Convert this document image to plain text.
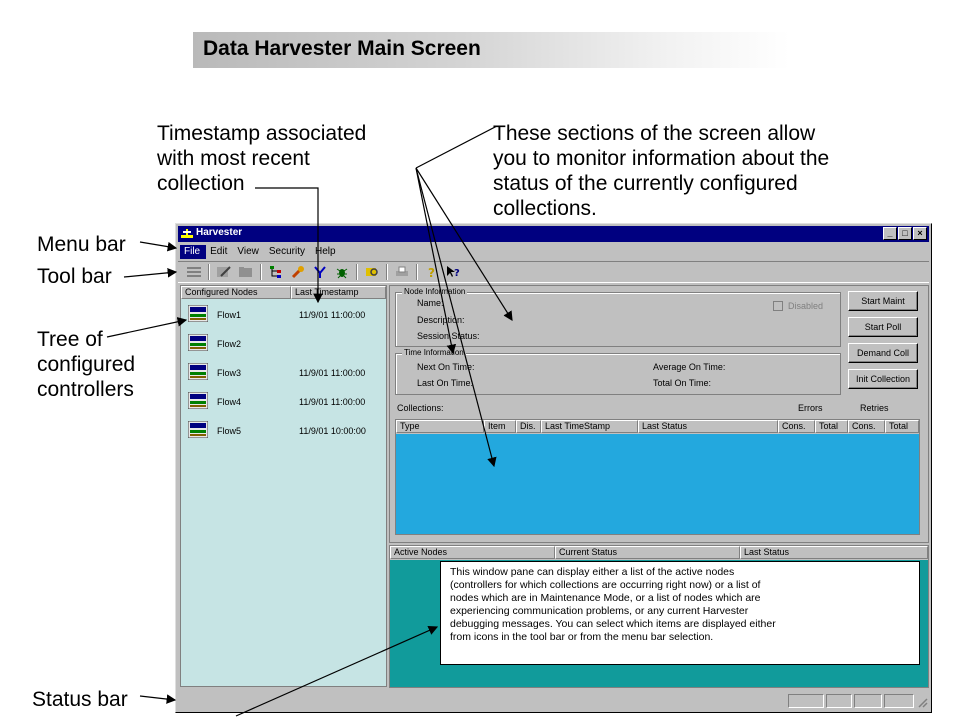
Data Harvester Main Screen
Timestamp associated
with most recent
collection
These sections of the screen allow
you to monitor information about the
status of the currently configured
collections.
Menu bar
Tool bar
Tree of
configured
controllers
Status bar
Harvester	_	□	×
File	Edit	View	Security	Help
? ?
Configured Nodes	Last Timestamp
Flow1	11/9/01 11:00:00
Flow2
Flow3	11/9/01 11:00:00
Flow4	11/9/01 11:00:00
Flow5	11/9/01 10:00:00
Node Information
Name:
Description:
Session Status:
Disabled
Time Information
Next On Time:
Last On Time:
Average On Time:
Total On Time:
Start Maint
Start Poll
Demand Coll
Init Collection
Collections:	Errors	Retries
Type	Item	Dis.	Last TimeStamp	Last Status	Cons.	Total	Cons.	Total
Active Nodes	Current Status	Last Status
This window pane can display either a list of the active nodes
(controllers for which collections are occurring right now) or a list of
nodes which are in Maintenance Mode, or a list of nodes which are
experiencing communication problems, or any current Harvester
debugging messages. You can select which items are displayed either
from icons in the tool bar or from the menu bar selection.
